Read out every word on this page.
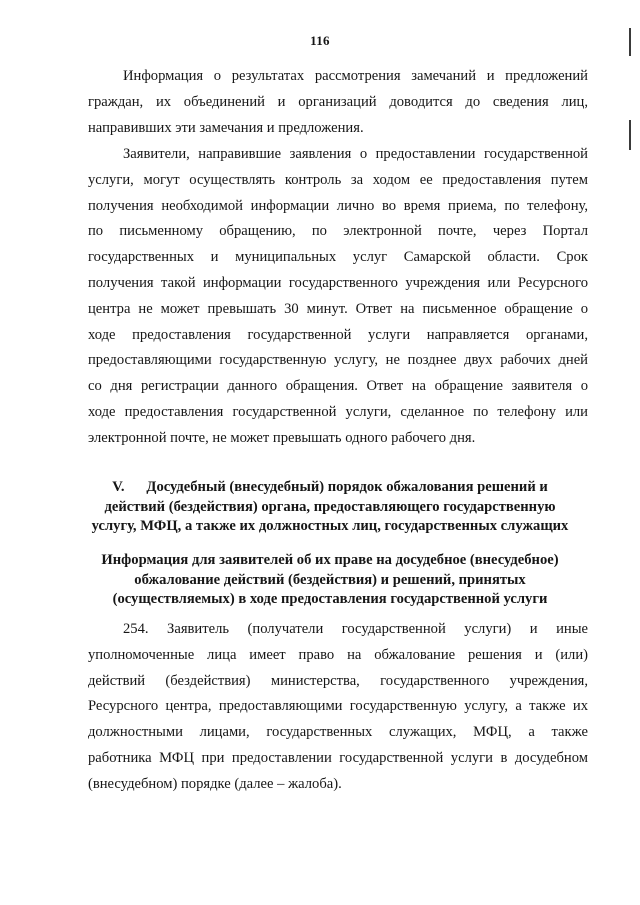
116
Информация о результатах рассмотрения замечаний и предложений
граждан, их объединений и организаций доводится до сведения лиц,
направивших эти замечания и предложения.
Заявители, направившие заявления о предоставлении государственной
услуги, могут осуществлять контроль за ходом ее предоставления путем
получения необходимой информации лично во время приема, по телефону,
по письменному обращению, по электронной почте, через Портал
государственных и муниципальных услуг Самарской области. Срок
получения такой информации государственного учреждения или Ресурсного
центра не может превышать 30 минут. Ответ на письменное обращение о
ходе предоставления государственной услуги направляется органами,
предоставляющими государственную услугу, не позднее двух рабочих дней
со дня регистрации данного обращения. Ответ на обращение заявителя о
ходе предоставления государственной услуги, сделанное по телефону или
электронной почте, не может превышать одного рабочего дня.
V.      Досудебный (внесудебный) порядок обжалования решений и
действий (бездействия) органа, предоставляющего государственную
услугу, МФЦ, а также их должностных лиц, государственных служащих
Информация для заявителей об их праве на досудебное (внесудебное)
обжалование действий (бездействия) и решений, принятых
(осуществляемых) в ходе предоставления государственной услуги
254. Заявитель (получатели государственной услуги) и иные
уполномоченные лица имеет право на обжалование решения и (или)
действий (бездействия) министерства, государственного учреждения,
Ресурсного центра, предоставляющими государственную услугу, а также их
должностными лицами, государственных служащих, МФЦ, а также
работника МФЦ при предоставлении государственной услуги в досудебном
(внесудебном) порядке (далее – жалоба).
